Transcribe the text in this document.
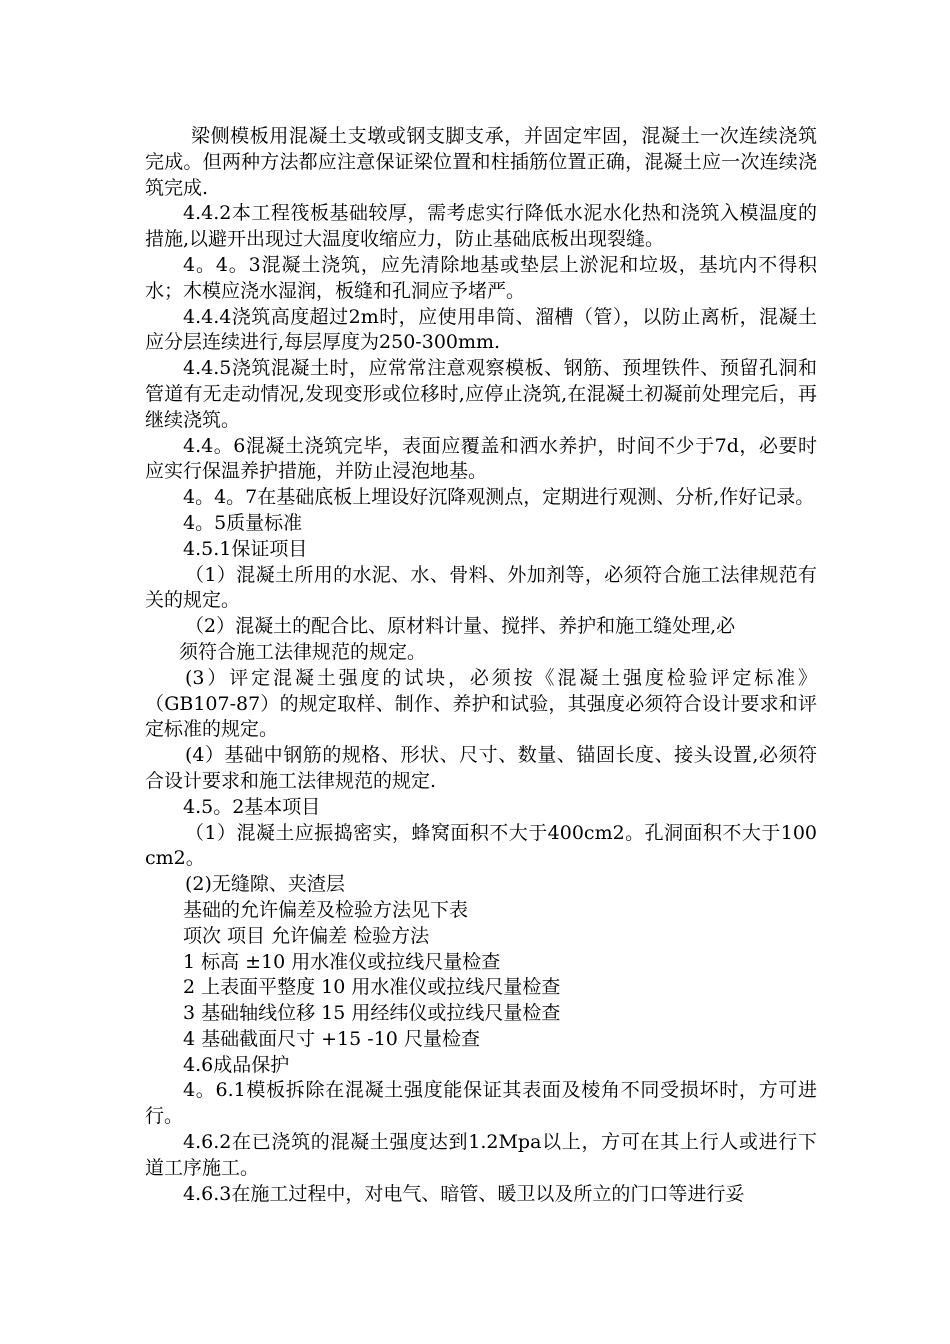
梁侧模板用混凝土支墩或钢支脚支承，并固定牢固，混凝土一次连续浇筑完成。但两种方法都应注意保证梁位置和柱插筋位置正确，混凝土应一次连续浇筑完成.

4.4.2本工程筏板基础较厚，需考虑实行降低水泥水化热和浇筑入模温度的措施,以避开出现过大温度收缩应力，防止基础底板出现裂缝。

4。4。3混凝土浇筑，应先清除地基或垫层上淤泥和垃圾，基坑内不得积水；木模应浇水湿润，板缝和孔洞应予堵严。

4.4.4浇筑高度超过2m时，应使用串筒、溜槽（管），以防止离析，混凝土应分层连续进行,每层厚度为250-300mm.

4.4.5浇筑混凝土时，应常常注意观察模板、钢筋、预埋铁件、预留孔洞和管道有无走动情况,发现变形或位移时,应停止浇筑,在混凝土初凝前处理完后，再继续浇筑。

4.4。6混凝土浇筑完毕，表面应覆盖和洒水养护，时间不少于7d，必要时应实行保温养护措施，并防止浸泡地基。

4。4。7在基础底板上埋设好沉降观测点，定期进行观测、分析,作好记录。

4。5质量标准

4.5.1保证项目

（1）混凝土所用的水泥、水、骨料、外加剂等，必须符合施工法律规范有关的规定。

（2）混凝土的配合比、原材料计量、搅拌、养护和施工缝处理,必

须符合施工法律规范的规定。

(3）评定混凝土强度的试块，必须按《混凝土强度检验评定标准》（GB107-87）的规定取样、制作、养护和试验，其强度必须符合设计要求和评定标准的规定。

(4）基础中钢筋的规格、形状、尺寸、数量、锚固长度、接头设置,必须符合设计要求和施工法律规范的规定.

4.5。2基本项目

（1）混凝土应振捣密实，蜂窝面积不大于400cm2。孔洞面积不大于100 cm2。

(2)无缝隙、夹渣层

基础的允许偏差及检验方法见下表

项次 项目 允许偏差 检验方法

1 标高 ±10 用水准仪或拉线尺量检查

2 上表面平整度 10 用水准仪或拉线尺量检查

3 基础轴线位移 15 用经纬仪或拉线尺量检查

4 基础截面尺寸 +15 -10 尺量检查

4.6成品保护

4。6.1模板拆除在混凝土强度能保证其表面及棱角不同受损坏时，方可进行。

4.6.2在已浇筑的混凝土强度达到1.2Mpa以上，方可在其上行人或进行下道工序施工。

4.6.3在施工过程中，对电气、暗管、暖卫以及所立的门口等进行妥
